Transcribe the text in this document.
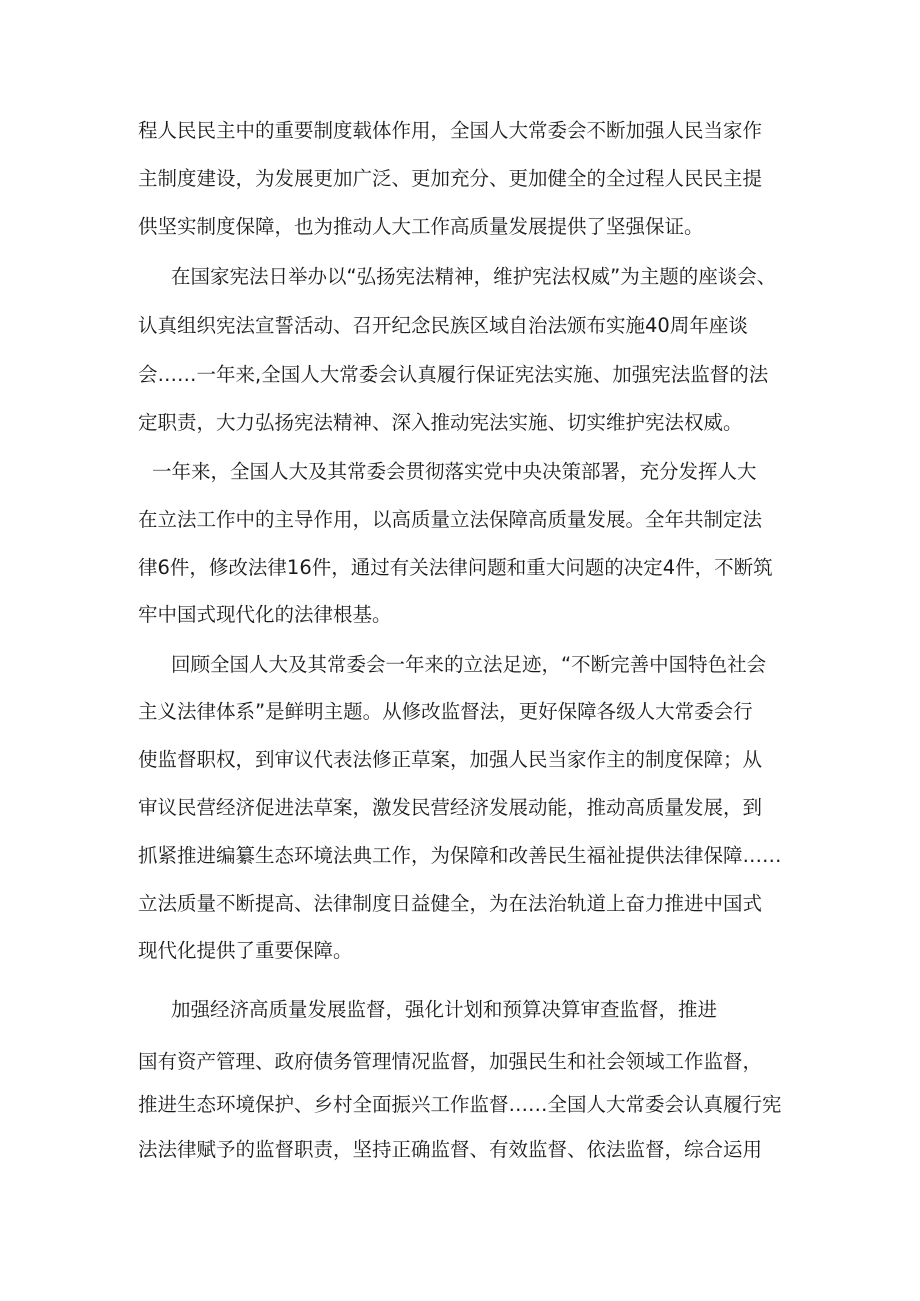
程人民民主中的重要制度载体作用，全国人大常委会不断加强人民当家作
主制度建设，为发展更加广泛、更加充分、更加健全的全过程人民民主提
供坚实制度保障，也为推动人大工作高质量发展提供了坚强保证。
在国家宪法日举办以“弘扬宪法精神，维护宪法权威”为主题的座谈会、
认真组织宪法宣誓活动、召开纪念民族区域自治法颁布实施40周年座谈
会……一年来,全国人大常委会认真履行保证宪法实施、加强宪法监督的法
定职责，大力弘扬宪法精神、深入推动宪法实施、切实维护宪法权威。
一年来，全国人大及其常委会贯彻落实党中央决策部署，充分发挥人大
在立法工作中的主导作用，以高质量立法保障高质量发展。全年共制定法
律6件，修改法律16件，通过有关法律问题和重大问题的决定4件，不断筑
牢中国式现代化的法律根基。
回顾全国人大及其常委会一年来的立法足迹，“不断完善中国特色社会
主义法律体系”是鲜明主题。从修改监督法，更好保障各级人大常委会行
使监督职权，到审议代表法修正草案，加强人民当家作主的制度保障；从
审议民营经济促进法草案，激发民营经济发展动能，推动高质量发展，到
抓紧推进编纂生态环境法典工作，为保障和改善民生福祉提供法律保障……
立法质量不断提高、法律制度日益健全，为在法治轨道上奋力推进中国式
现代化提供了重要保障。
加强经济高质量发展监督，强化计划和预算决算审查监督，推进
国有资产管理、政府债务管理情况监督，加强民生和社会领域工作监督，
推进生态环境保护、乡村全面振兴工作监督……全国人大常委会认真履行宪
法法律赋予的监督职责，坚持正确监督、有效监督、依法监督，综合运用
